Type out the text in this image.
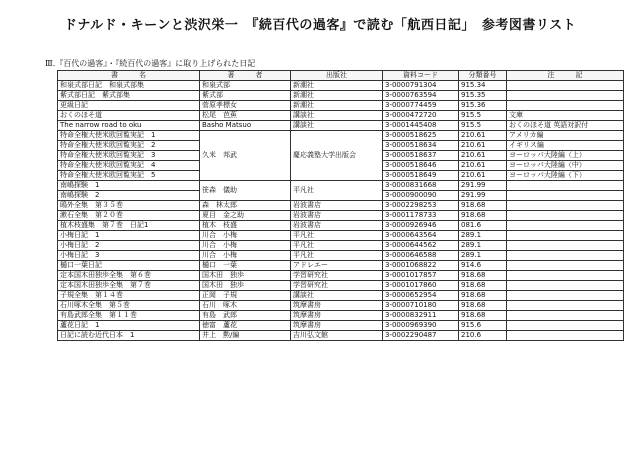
ドナルド・キーンと渋沢栄一　『続百代の過客』で読む「航西日記」　参考図書リスト
Ⅲ.『百代の過客』・『続百代の過客』に取り上げられた日記
書　　　名	著　　　者	出版社	資料コード	分類番号	注　　　記
和泉式部日記　和泉式部集	和泉式部	新潮社	3-0000791304	915.34	
紫式部日記　紫式部集	紫式部	新潮社	3-0000763594	915.35	
更級日記	菅原孝標女	新潮社	3-0000774459	915.36	
おくのほそ道	松尾　芭蕉	講談社	3-0000472720	915.5	文庫
The narrow road to oku	Basho Matsuo	講談社	3-0001445408	915.5	おくのほそ道 英語対訳付
特命全権大使米欧回覧実記　1	久米　邦武	慶応義塾大学出版会	3-0000518625	210.61	アメリカ編
特命全権大使米欧回覧実記　2			3-0000518634	210.61	イギリス編
特命全権大使米欧回覧実記　3			3-0000518637	210.61	ヨーロッパ大陸編（上）
特命全権大使米欧回覧実記　4			3-0000518646	210.61	ヨーロッパ大陸編（中）
特命全権大使米欧回覧実記　5			3-0000518649	210.61	ヨーロッパ大陸編（下）
南嶋探験　1	笹森　儀助	平凡社	3-0000831668	291.99	
南嶋探験　2			3-0000900090	291.99	
鴎外全集　第３５巻	森　林太郎	岩波書店	3-0002298253	918.68	
漱石全集　第２０巻	夏目　金之助	岩波書店	3-0001178733	918.68	
植木枝盛集　第７巻　日記1	植木　枝盛	岩波書店	3-0000926946	081.6	
小梅日記　1	川合　小梅	平凡社	3-0000643564	289.1	
小梅日記　2	川合　小梅	平凡社	3-0000644562	289.1	
小梅日記　3	川合　小梅	平凡社	3-0000646588	289.1	
樋口一葉日記	樋口　一葉	アドレエー	3-0001068822	914.6	
定本国木田独歩全集　第６巻	国木田　独歩	学習研究社	3-0001017857	918.68	
定本国木田独歩全集　第７巻	国木田　独歩	学習研究社	3-0001017860	918.68	
子規全集　第１４巻	正岡　子規	講談社	3-0000652954	918.68	
石川啄木全集　第５巻	石川　啄木	筑摩書房	3-0000710180	918.68	
有島武郎全集　第１１巻	有島　武郎	筑摩書房	3-0000832911	918.68	
蘆花日記　1	徳富　蘆花	筑摩書房	3-0000969390	915.6	
日記に読む近代日本　1	井上　勲/編	吉川弘文館	3-0002290487	210.6	
